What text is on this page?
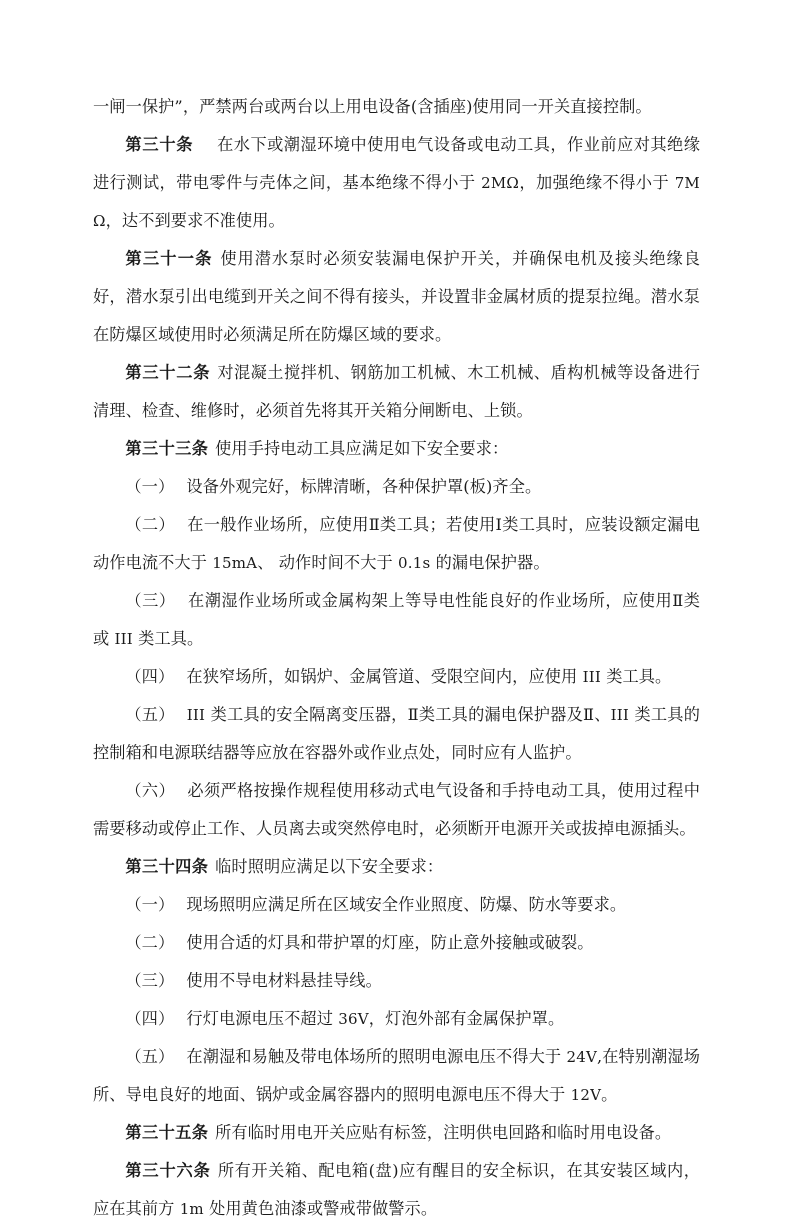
一闸一保护”，严禁两台或两台以上用电设备(含插座)使用同一开关直接控制。

第三十条 在水下或潮湿环境中使用电气设备或电动工具，作业前应对其绝缘进行测试，带电零件与壳体之间，基本绝缘不得小于 2MΩ，加强绝缘不得小于 7MΩ，达不到要求不准使用。

第三十一条 使用潜水泵时必须安装漏电保护开关，并确保电机及接头绝缘良好，潜水泵引出电缆到开关之间不得有接头，并设置非金属材质的提泵拉绳。潜水泵在防爆区域使用时必须满足所在防爆区域的要求。

第三十二条 对混凝土搅拌机、钢筋加工机械、木工机械、盾构机械等设备进行清理、检查、维修时，必须首先将其开关箱分闸断电、上锁。

第三十三条 使用手持电动工具应满足如下安全要求：

（一） 设备外观完好，标牌清晰，各种保护罩(板)齐全。

（二） 在一般作业场所，应使用Ⅱ类工具；若使用Ⅰ类工具时，应装设额定漏电动作电流不大于 15mA、 动作时间不大于 0.1s 的漏电保护器。

（三） 在潮湿作业场所或金属构架上等导电性能良好的作业场所，应使用Ⅱ类或 III 类工具。

（四） 在狭窄场所，如锅炉、金属管道、受限空间内，应使用 III 类工具。

（五） III 类工具的安全隔离变压器，Ⅱ类工具的漏电保护器及Ⅱ、III 类工具的控制箱和电源联结器等应放在容器外或作业点处，同时应有人监护。

（六） 必须严格按操作规程使用移动式电气设备和手持电动工具，使用过程中需要移动或停止工作、人员离去或突然停电时，必须断开电源开关或拔掉电源插头。

第三十四条 临时照明应满足以下安全要求：

（一） 现场照明应满足所在区域安全作业照度、防爆、防水等要求。

（二） 使用合适的灯具和带护罩的灯座，防止意外接触或破裂。

（三） 使用不导电材料悬挂导线。

（四） 行灯电源电压不超过 36V，灯泡外部有金属保护罩。

（五） 在潮湿和易触及带电体场所的照明电源电压不得大于 24V,在特别潮湿场所、导电良好的地面、锅炉或金属容器内的照明电源电压不得大于 12V。

第三十五条 所有临时用电开关应贴有标签，注明供电回路和临时用电设备。

第三十六条 所有开关箱、配电箱(盘)应有醒目的安全标识，在其安装区域内，应在其前方 1m 处用黄色油漆或警戒带做警示。
